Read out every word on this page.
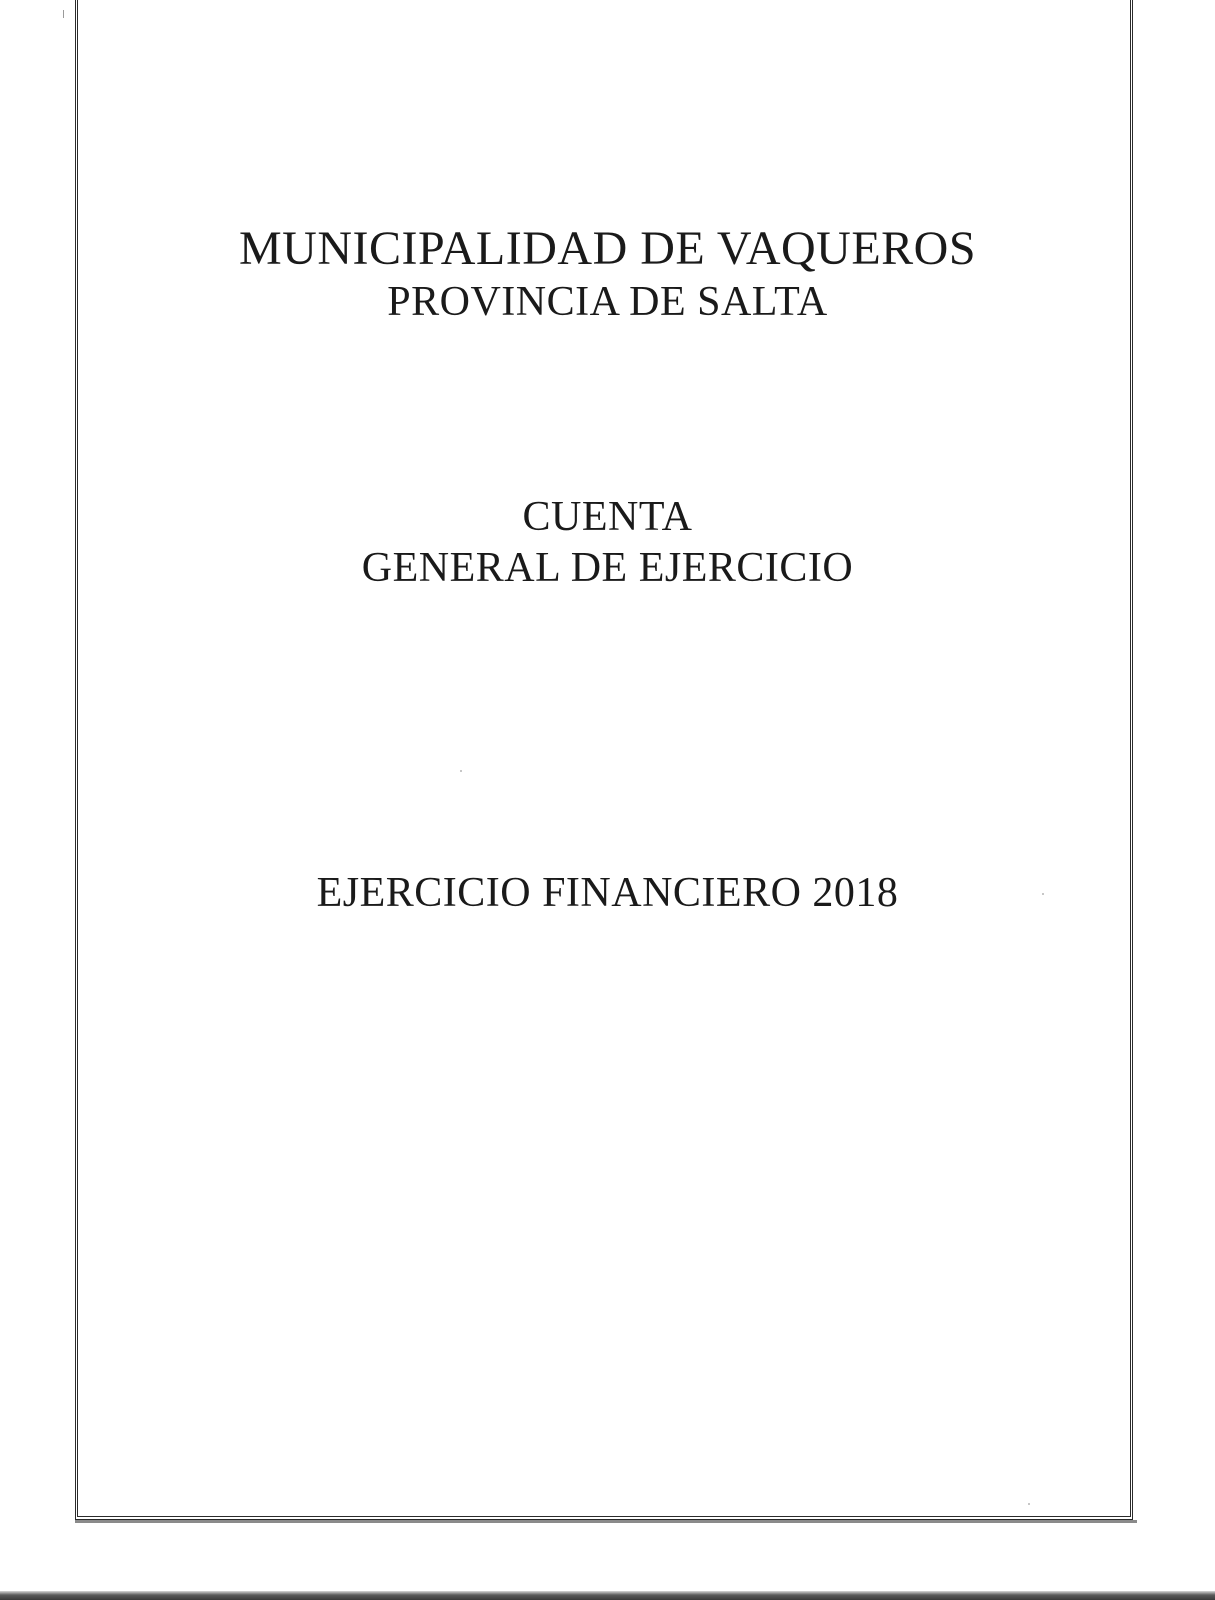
MUNICIPALIDAD DE VAQUEROS
PROVINCIA DE SALTA
CUENTA
GENERAL DE EJERCICIO
EJERCICIO FINANCIERO 2018
